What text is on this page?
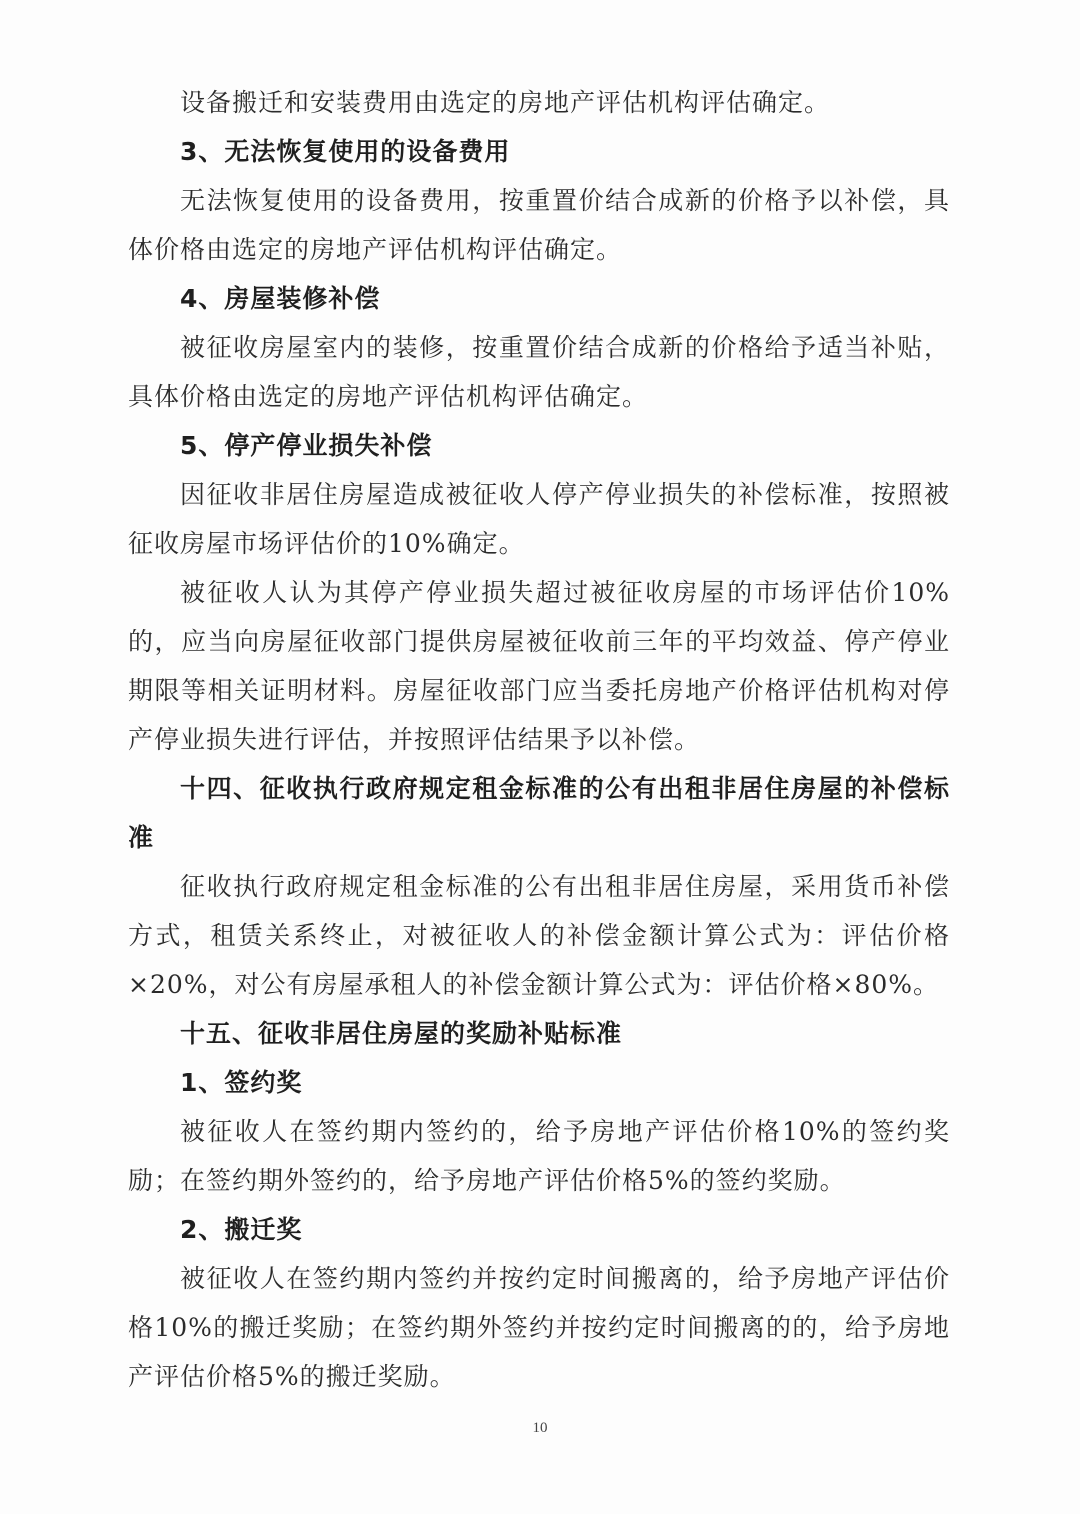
设备搬迁和安装费用由选定的房地产评估机构评估确定。

3、无法恢复使用的设备费用

无法恢复使用的设备费用，按重置价结合成新的价格予以补偿，具体价格由选定的房地产评估机构评估确定。

4、房屋装修补偿

被征收房屋室内的装修，按重置价结合成新的价格给予适当补贴，具体价格由选定的房地产评估机构评估确定。

5、停产停业损失补偿

因征收非居住房屋造成被征收人停产停业损失的补偿标准，按照被征收房屋市场评估价的10%确定。

被征收人认为其停产停业损失超过被征收房屋的市场评估价10%的，应当向房屋征收部门提供房屋被征收前三年的平均效益、停产停业期限等相关证明材料。房屋征收部门应当委托房地产价格评估机构对停产停业损失进行评估，并按照评估结果予以补偿。

十四、征收执行政府规定租金标准的公有出租非居住房屋的补偿标准

征收执行政府规定租金标准的公有出租非居住房屋，采用货币补偿方式，租赁关系终止，对被征收人的补偿金额计算公式为：评估价格×20%，对公有房屋承租人的补偿金额计算公式为：评估价格×80%。

十五、征收非居住房屋的奖励补贴标准

1、签约奖

被征收人在签约期内签约的，给予房地产评估价格10%的签约奖励；在签约期外签约的，给予房地产评估价格5%的签约奖励。

2、搬迁奖

被征收人在签约期内签约并按约定时间搬离的，给予房地产评估价格10%的搬迁奖励；在签约期外签约并按约定时间搬离的的，给予房地产评估价格5%的搬迁奖励。

10
